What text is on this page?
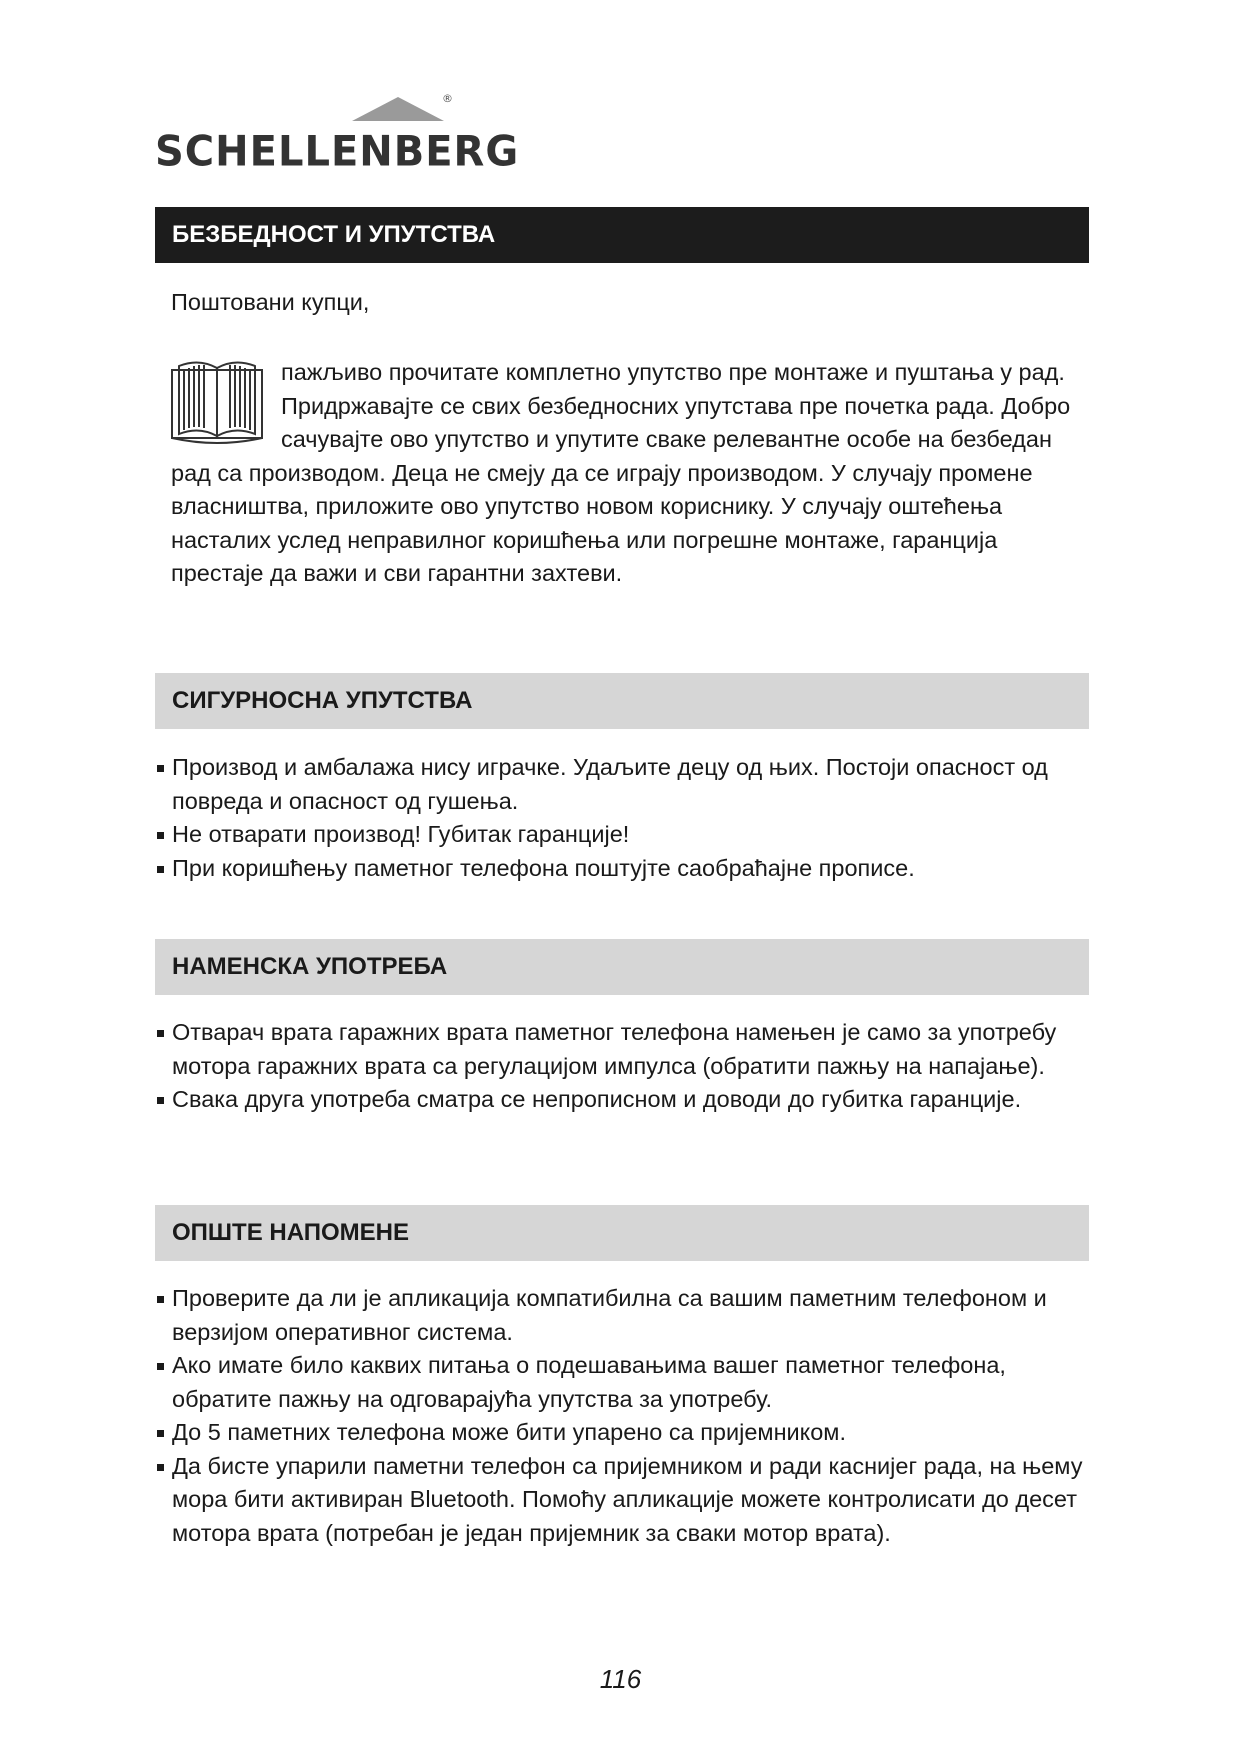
®
SCHELLENBERG
БЕЗБЕДНОСТ И УПУТСТВА
Поштовани купци,
пажљиво прочитате комплетно упутство пре монтаже и пуштања у рад. Придржавајте се свих безбедносних упутстава пре почетка рада. Добро сачувајте ово упутство и упутите сваке релевантне особе на безбедан рад са производом. Деца не смеју да се играју производом. У случају промене власништва, приложите ово упутство новом кориснику. У случају оштећења насталих услед неправилног коришћења или погрешне монтаже, гаранција престаје да важи и сви гарантни захтеви.
СИГУРНОСНА УПУТСТВА
Производ и амбалажа нису играчке. Удаљите децу од њих. Постоји опасност од повреда и опасност од гушења.
Не отварати производ! Губитак гаранције!
При коришћењу паметног телефона поштујте саобраћајне прописе.
НАМЕНСКА УПОТРЕБА
Отварач врата гаражних врата паметног телефона намењен је само за употребу мотора гаражних врата са регулацијом импулса (обратити пажњу на напајање).
Свака друга употреба сматра се непрописном и доводи до губитка гаранције.
ОПШТЕ НАПОМЕНЕ
Проверите да ли је апликација компатибилна са вашим паметним телефоном и верзијом оперативног система.
Ако имате било каквих питања о подешавањима вашег паметног телефона, обратите пажњу на одговарајућа упутства за употребу.
До 5 паметних телефона може бити упарено са пријемником.
Да бисте упарили паметни телефон са пријемником и ради каснијег рада, на њему мора бити активиран Bluetooth. Помоћу апликације можете контролисати до десет мотора врата (потребан је један пријемник за сваки мотор врата).
116
